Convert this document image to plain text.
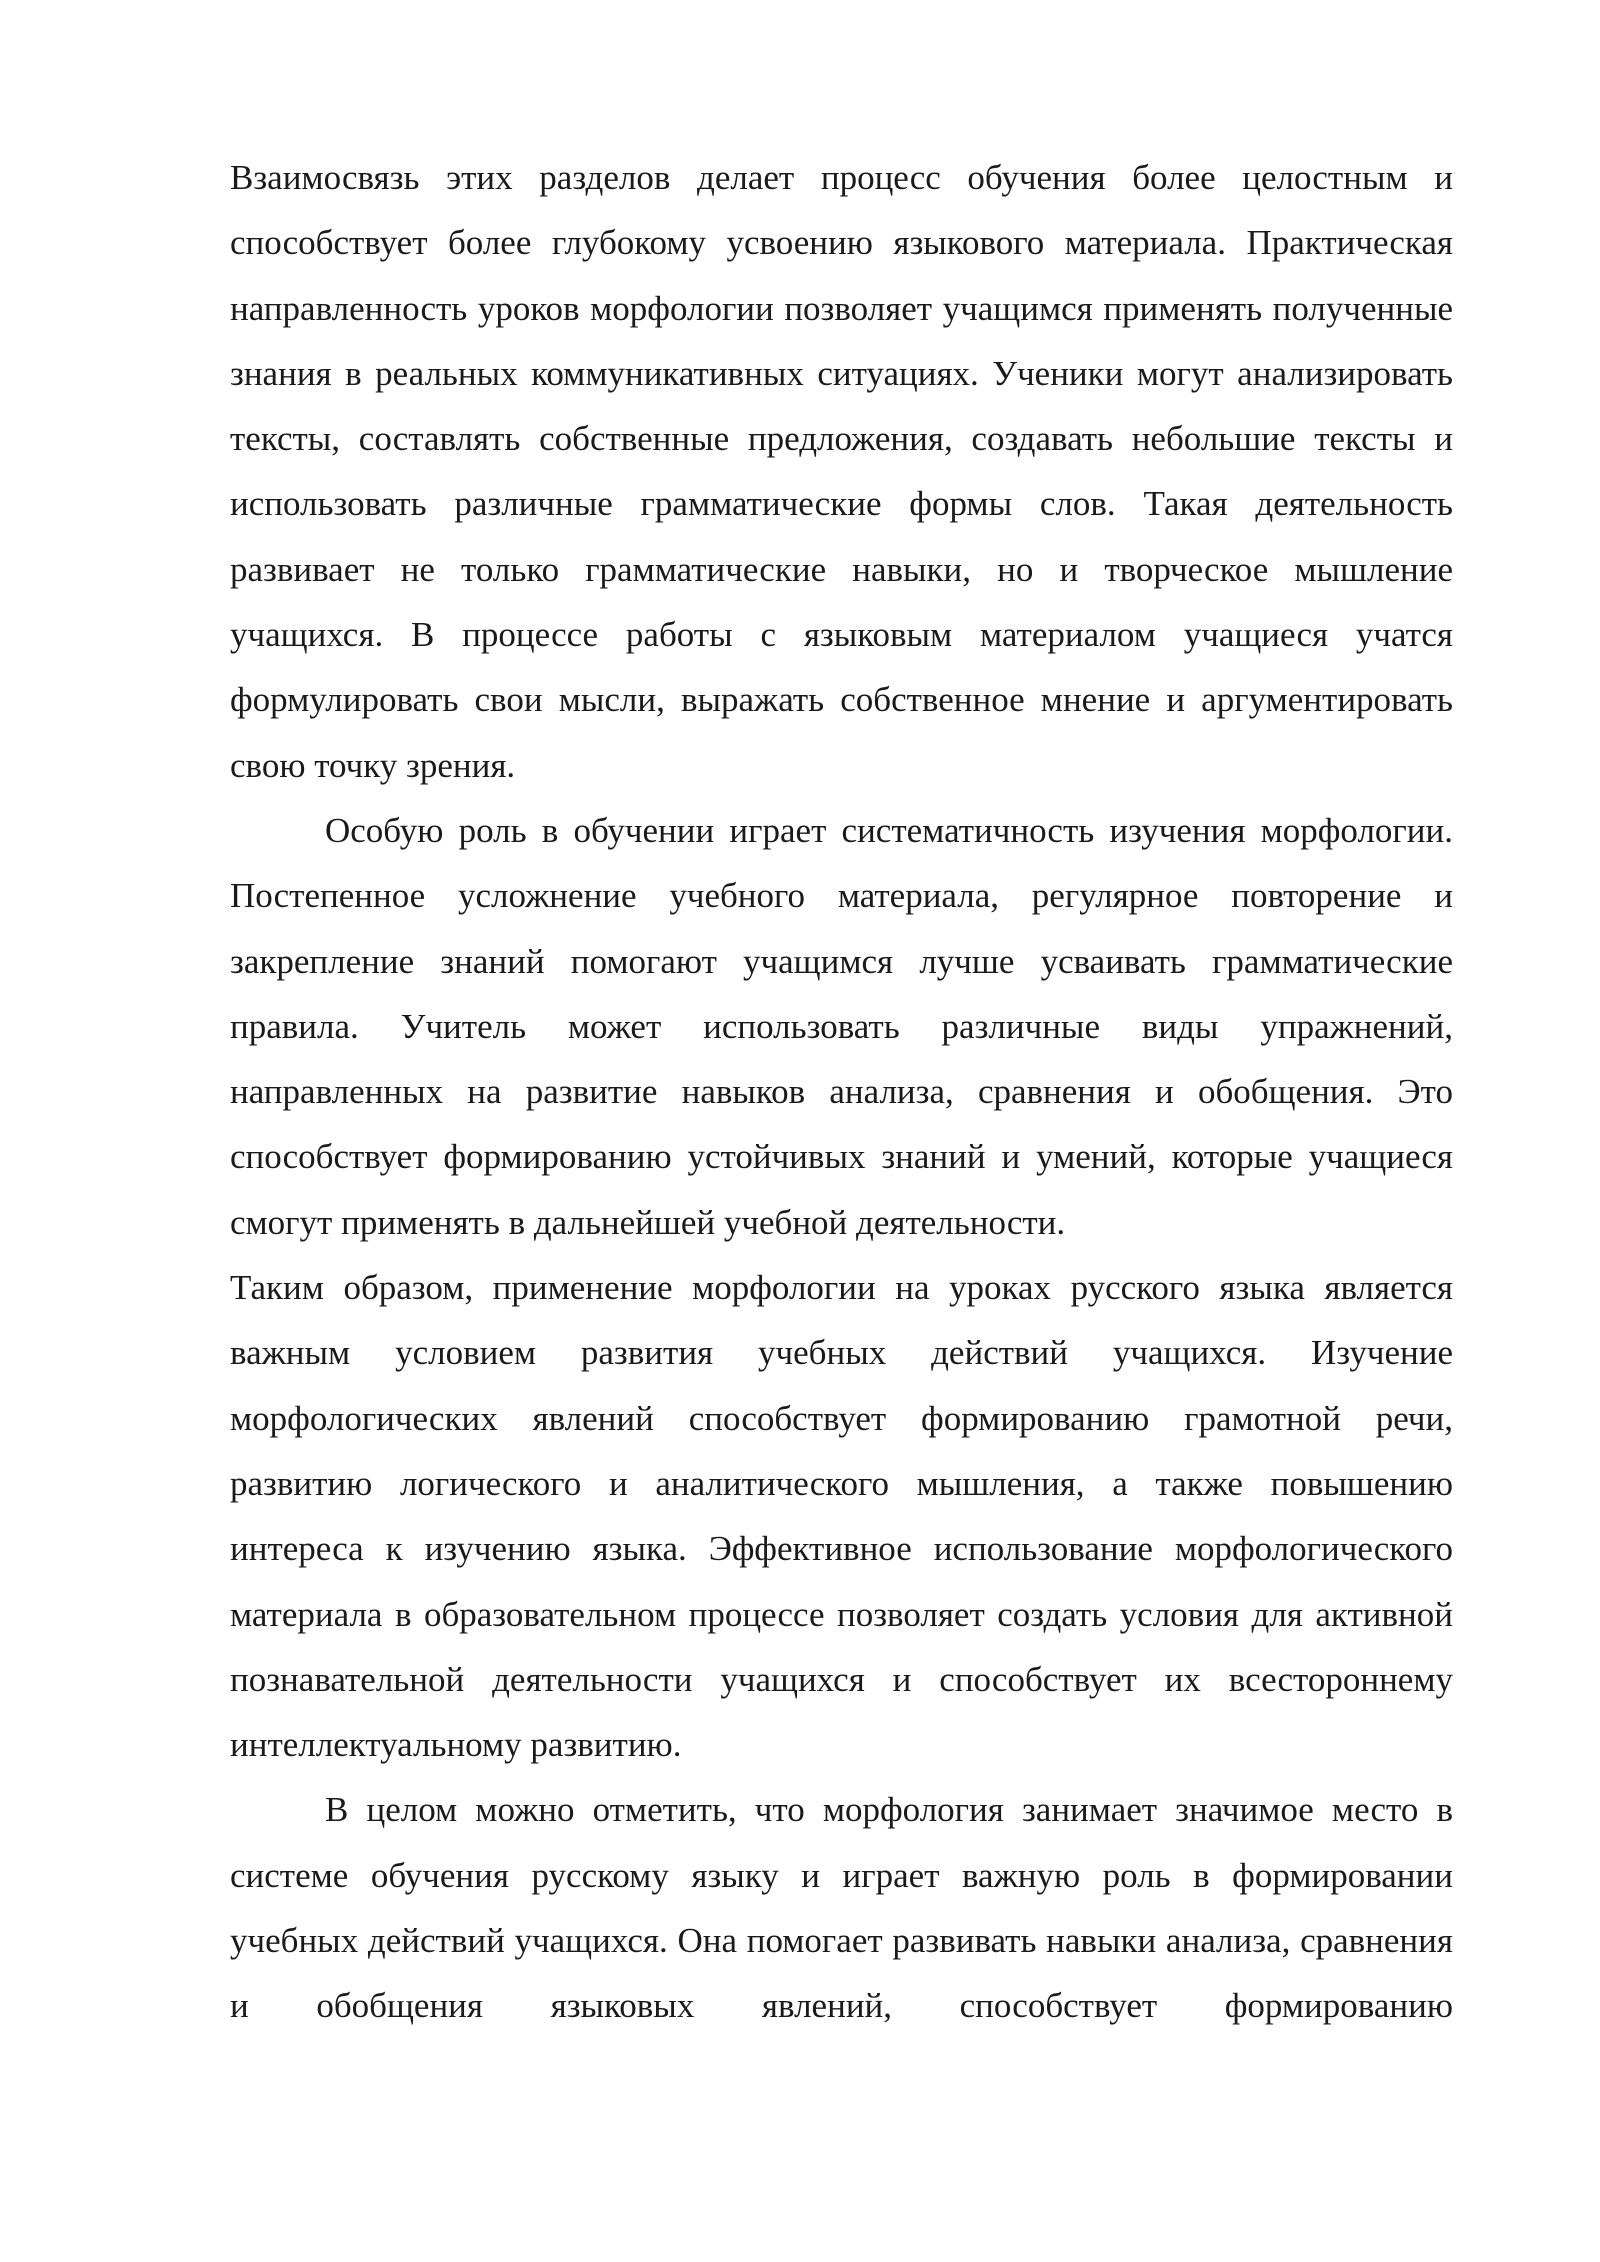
Взаимосвязь этих разделов делает процесс обучения более целостным и способствует более глубокому усвоению языкового материала. Практическая направленность уроков морфологии позволяет учащимся применять полученные знания в реальных коммуникативных ситуациях. Ученики могут анализировать тексты, составлять собственные предложения, создавать небольшие тексты и использовать различные грамматические формы слов. Такая деятельность развивает не только грамматические навыки, но и творческое мышление учащихся. В процессе работы с языковым материалом учащиеся учатся формулировать свои мысли, выражать собственное мнение и аргументировать свою точку зрения.

Особую роль в обучении играет систематичность изучения морфологии. Постепенное усложнение учебного материала, регулярное повторение и закрепление знаний помогают учащимся лучше усваивать грамматические правила. Учитель может использовать различные виды упражнений, направленных на развитие навыков анализа, сравнения и обобщения. Это способствует формированию устойчивых знаний и умений, которые учащиеся смогут применять в дальнейшей учебной деятельности.

Таким образом, применение морфологии на уроках русского языка является важным условием развития учебных действий учащихся. Изучение морфологических явлений способствует формированию грамотной речи, развитию логического и аналитического мышления, а также повышению интереса к изучению языка. Эффективное использование морфологического материала в образовательном процессе позволяет создать условия для активной познавательной деятельности учащихся и способствует их всестороннему интеллектуальному развитию.

В целом можно отметить, что морфология занимает значимое место в системе обучения русскому языку и играет важную роль в формировании учебных действий учащихся. Она помогает развивать навыки анализа, сравнения и обобщения языковых явлений, способствует формированию
